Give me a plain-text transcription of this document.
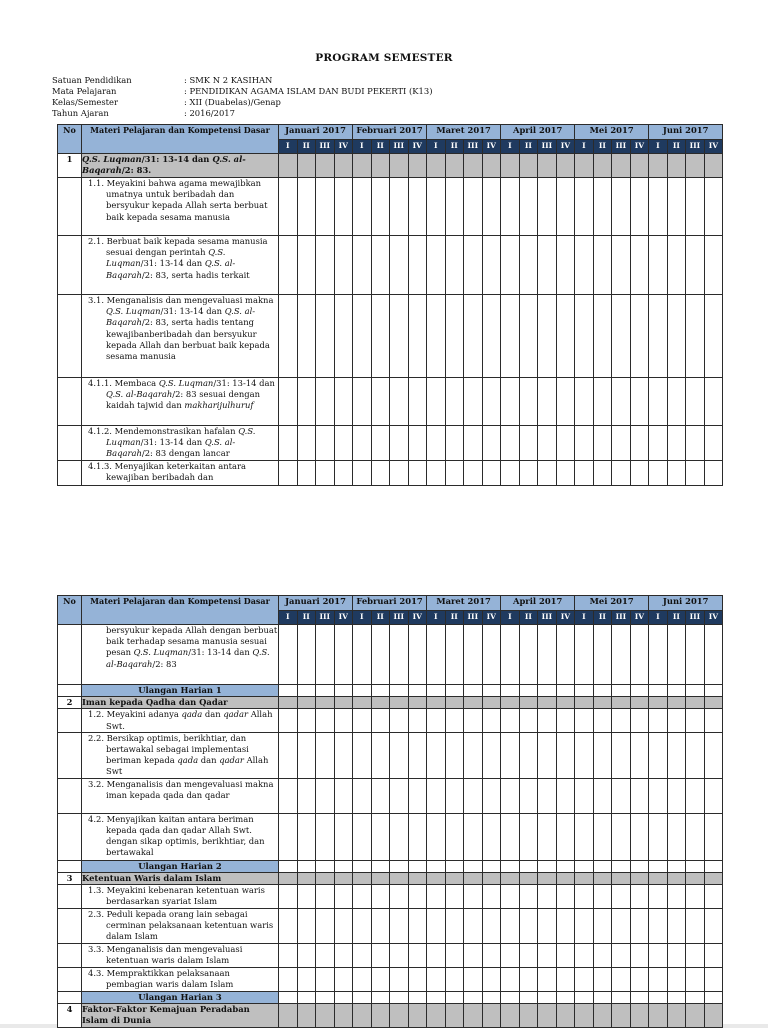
PROGRAM SEMESTER
Satuan Pendidikan	: SMK N 2 KASIHAN
Mata Pelajaran	: PENDIDIKAN AGAMA ISLAM DAN BUDI PEKERTI (K13)
Kelas/Semester	: XII (Duabelas)/Genap
Tahun Ajaran	: 2016/2017
No	Materi Pelajaran dan Kompetensi Dasar	Januari 2017				Februari 2017				Maret 2017				April 2017				Mei 2017				Juni 2017			
		I	II	III	IV	I	II	III	IV	I	II	III	IV	I	II	III	IV	I	II	III	IV	I	II	III	IV
1	Q.S. Luqman/31: 13-14 dan Q.S. al-Baqarah/2: 83.																								

	1.1. Meyakini bahwa agama mewajibkan umatnya untuk beribadah dan bersyukur kepada Allah serta berbuat baik kepada sesama manusia																								

	2.1. Berbuat baik kepada sesama manusia sesuai dengan perintah Q.S. Luqman/31: 13-14 dan Q.S. al-Baqarah/2: 83, serta hadis terkait																								

	3.1. Menganalisis dan mengevaluasi makna Q.S. Luqman/31: 13-14 dan Q.S. al-Baqarah/2: 83, serta hadis tentang kewajibanberibadah dan bersyukur kepada Allah dan berbuat baik kepada sesama manusia																								

	4.1.1. Membaca Q.S. Luqman/31: 13-14 dan Q.S. al-Baqarah/2: 83 sesuai dengan kaidah tajwid dan makharijulhuruf																								

	4.1.2. Mendemonstrasikan hafalan Q.S. Luqman/31: 13-14 dan Q.S. al-Baqarah/2: 83 dengan lancar																								

	4.1.3. Menyajikan keterkaitan antara kewajiban beribadah dan																								

No	Materi Pelajaran dan Kompetensi Dasar	Januari 2017				Februari 2017				Maret 2017				April 2017				Mei 2017				Juni 2017			
		I	II	III	IV	I	II	III	IV	I	II	III	IV	I	II	III	IV	I	II	III	IV	I	II	III	IV
	bersyukur kepada Allah dengan berbuat baik terhadap sesama manusia sesuai pesan Q.S. Luqman/31: 13-14 dan Q.S. al-Baqarah/2: 83																								
	Ulangan Harian 1																								
2	Iman kepada Qadha dan Qadar																								

	1.2. Meyakini adanya qada dan qadar Allah Swt.																								

	2.2. Bersikap optimis, berikhtiar, dan bertawakal sebagai implementasi beriman kepada qada dan qadar Allah Swt																								

	3.2. Menganalisis dan mengevaluasi makna iman kepada qada dan qadar																								

	4.2. Menyajikan kaitan antara beriman kepada qada dan qadar Allah Swt. dengan sikap optimis, berikhtiar, dan bertawakal																								

	Ulangan Harian 2																								
3	Ketentuan Waris dalam Islam																								

	1.3. Meyakini kebenaran ketentuan waris berdasarkan syariat Islam																								

	2.3. Peduli kepada orang lain sebagai cerminan pelaksanaan ketentuan waris dalam Islam																								

	3.3. Menganalisis dan mengevaluasi ketentuan waris dalam Islam																								

	4.3. Mempraktikkan pelaksanaan pembagian waris dalam Islam																								

	Ulangan Harian 3																								
4	Faktor-Faktor Kemajuan Peradaban Islam di Dunia																								
